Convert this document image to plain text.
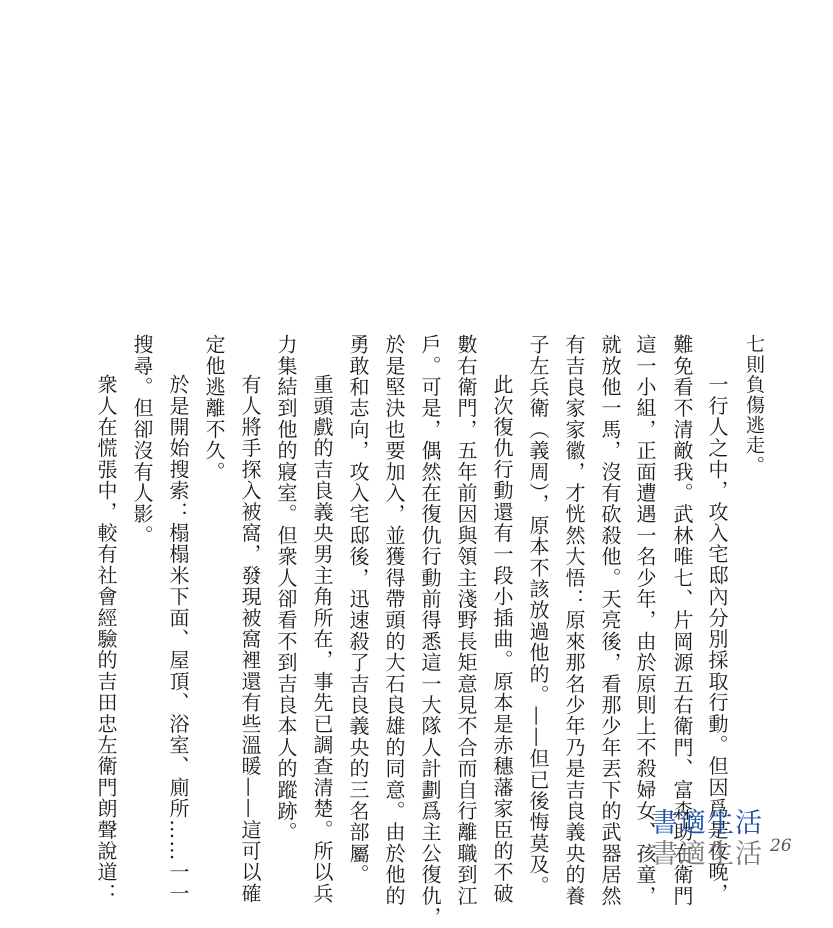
七則負傷逃走。

一行人之中，攻入宅邸內分別採取行動。但因爲是夜晚，

難免看不清敵我。武林唯七、片岡源五右衛門、富森助右衛門

這一小組，正面遭遇一名少年，由於原則上不殺婦女、孩童，

就放他一馬，沒有砍殺他。天亮後，看那少年丟下的武器居然

有吉良家家徽，才恍然大悟：原來那名少年乃是吉良義央的養

子左兵衛（義周），原本不該放過他的。——但已後悔莫及。

此次復仇行動還有一段小插曲。原本是赤穗藩家臣的不破

數右衛門，五年前因與領主淺野長矩意見不合而自行離職到江

戶。可是，偶然在復仇行動前得悉這一大隊人計劃爲主公復仇，

於是堅決也要加入，並獲得帶頭的大石良雄的同意。由於他的

勇敢和志向，攻入宅邸後，迅速殺了吉良義央的三名部屬。

重頭戲的吉良義央男主角所在，事先已調查清楚。所以兵

力集結到他的寢室。但衆人卻看不到吉良本人的蹤跡。

有人將手探入被窩，發現被窩裡還有些溫暖——這可以確

定他逃離不久。

於是開始搜索：榻榻米下面、屋頂、浴室、廁所……一一

搜尋。但卻沒有人影。

衆人在慌張中，較有社會經驗的吉田忠左衛門朗聲說道：	書適生活
書適生活 26
